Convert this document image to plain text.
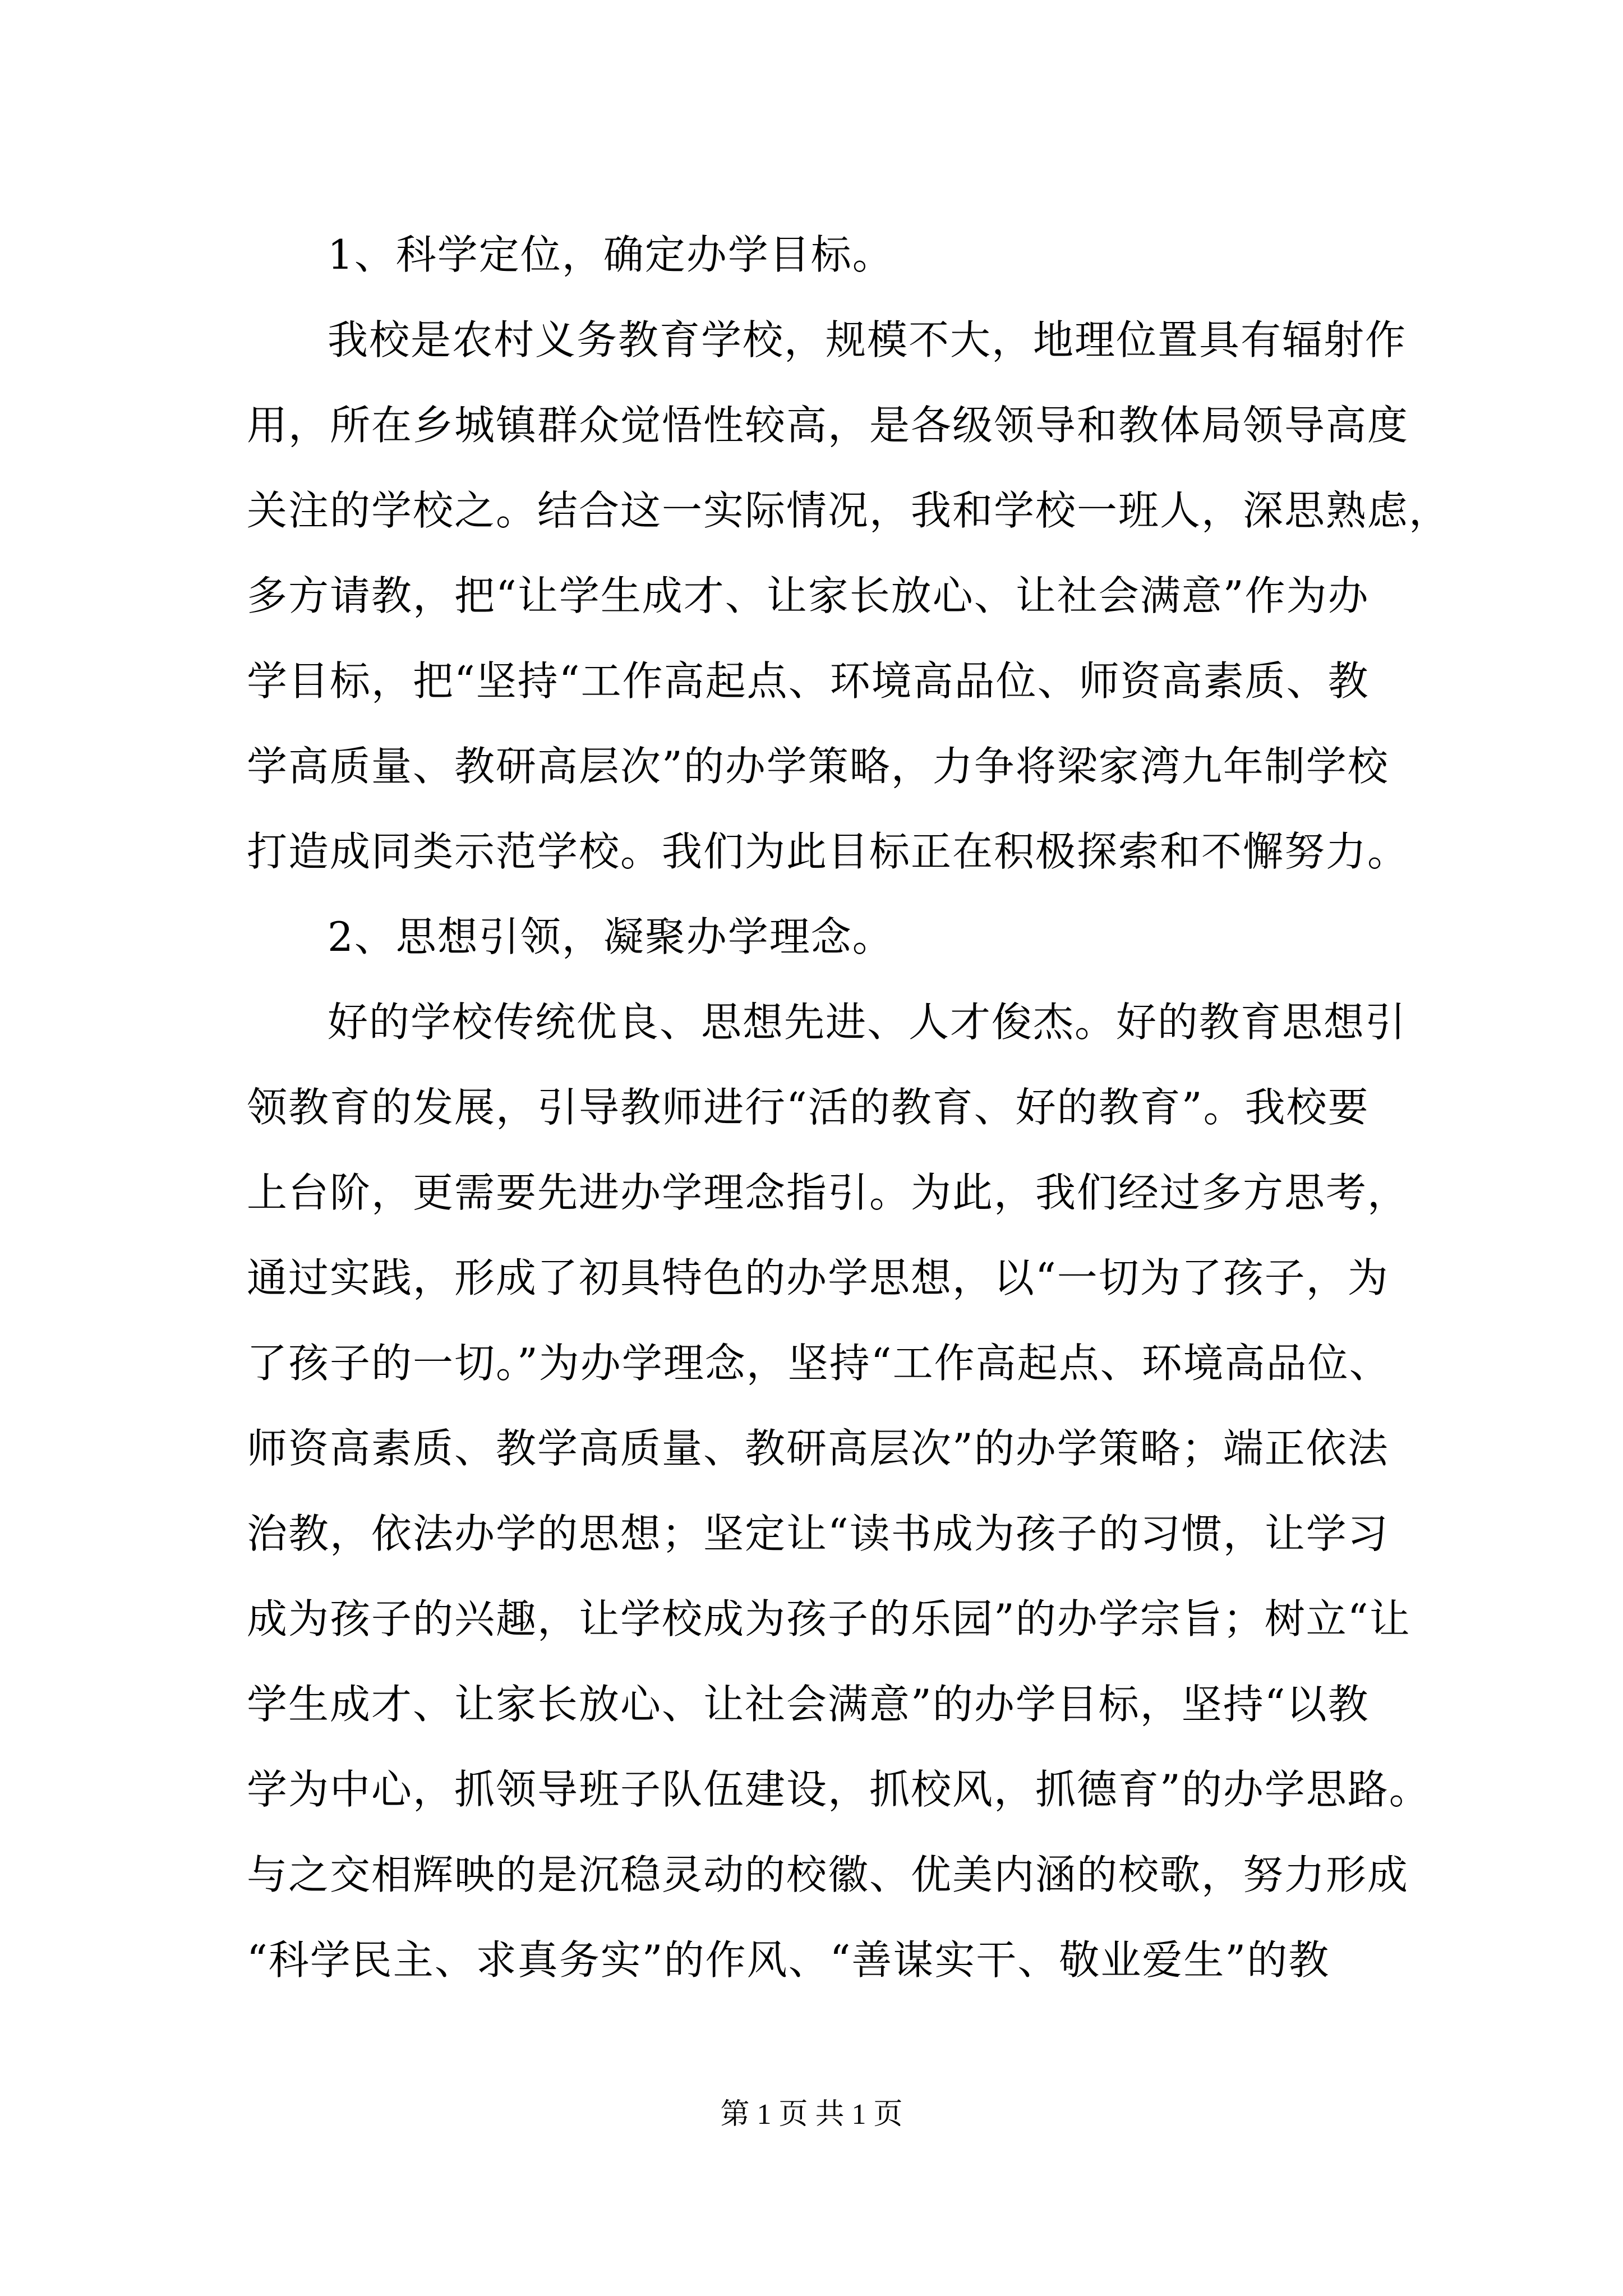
1、科学定位，确定办学目标。
我校是农村义务教育学校，规模不大，地理位置具有辐射作
用，所在乡城镇群众觉悟性较高，是各级领导和教体局领导高度
关注的学校之。结合这一实际情况，我和学校一班人，深思熟虑，
多方请教，把“让学生成才、让家长放心、让社会满意”作为办
学目标，把“坚持“工作高起点、环境高品位、师资高素质、教
学高质量、教研高层次”的办学策略，力争将梁家湾九年制学校
打造成同类示范学校。我们为此目标正在积极探索和不懈努力。
2、思想引领，凝聚办学理念。
好的学校传统优良、思想先进、人才俊杰。好的教育思想引
领教育的发展，引导教师进行“活的教育、好的教育”。我校要
上台阶，更需要先进办学理念指引。为此，我们经过多方思考，
通过实践，形成了初具特色的办学思想，以“一切为了孩子，为
了孩子的一切。”为办学理念，坚持“工作高起点、环境高品位、
师资高素质、教学高质量、教研高层次”的办学策略；端正依法
治教，依法办学的思想；坚定让“读书成为孩子的习惯，让学习
成为孩子的兴趣，让学校成为孩子的乐园”的办学宗旨；树立“让
学生成才、让家长放心、让社会满意”的办学目标，坚持“以教
学为中心，抓领导班子队伍建设，抓校风，抓德育”的办学思路。
与之交相辉映的是沉稳灵动的校徽、优美内涵的校歌，努力形成
“科学民主、求真务实”的作风、“善谋实干、敬业爱生”的教
第 1 页 共 1 页
